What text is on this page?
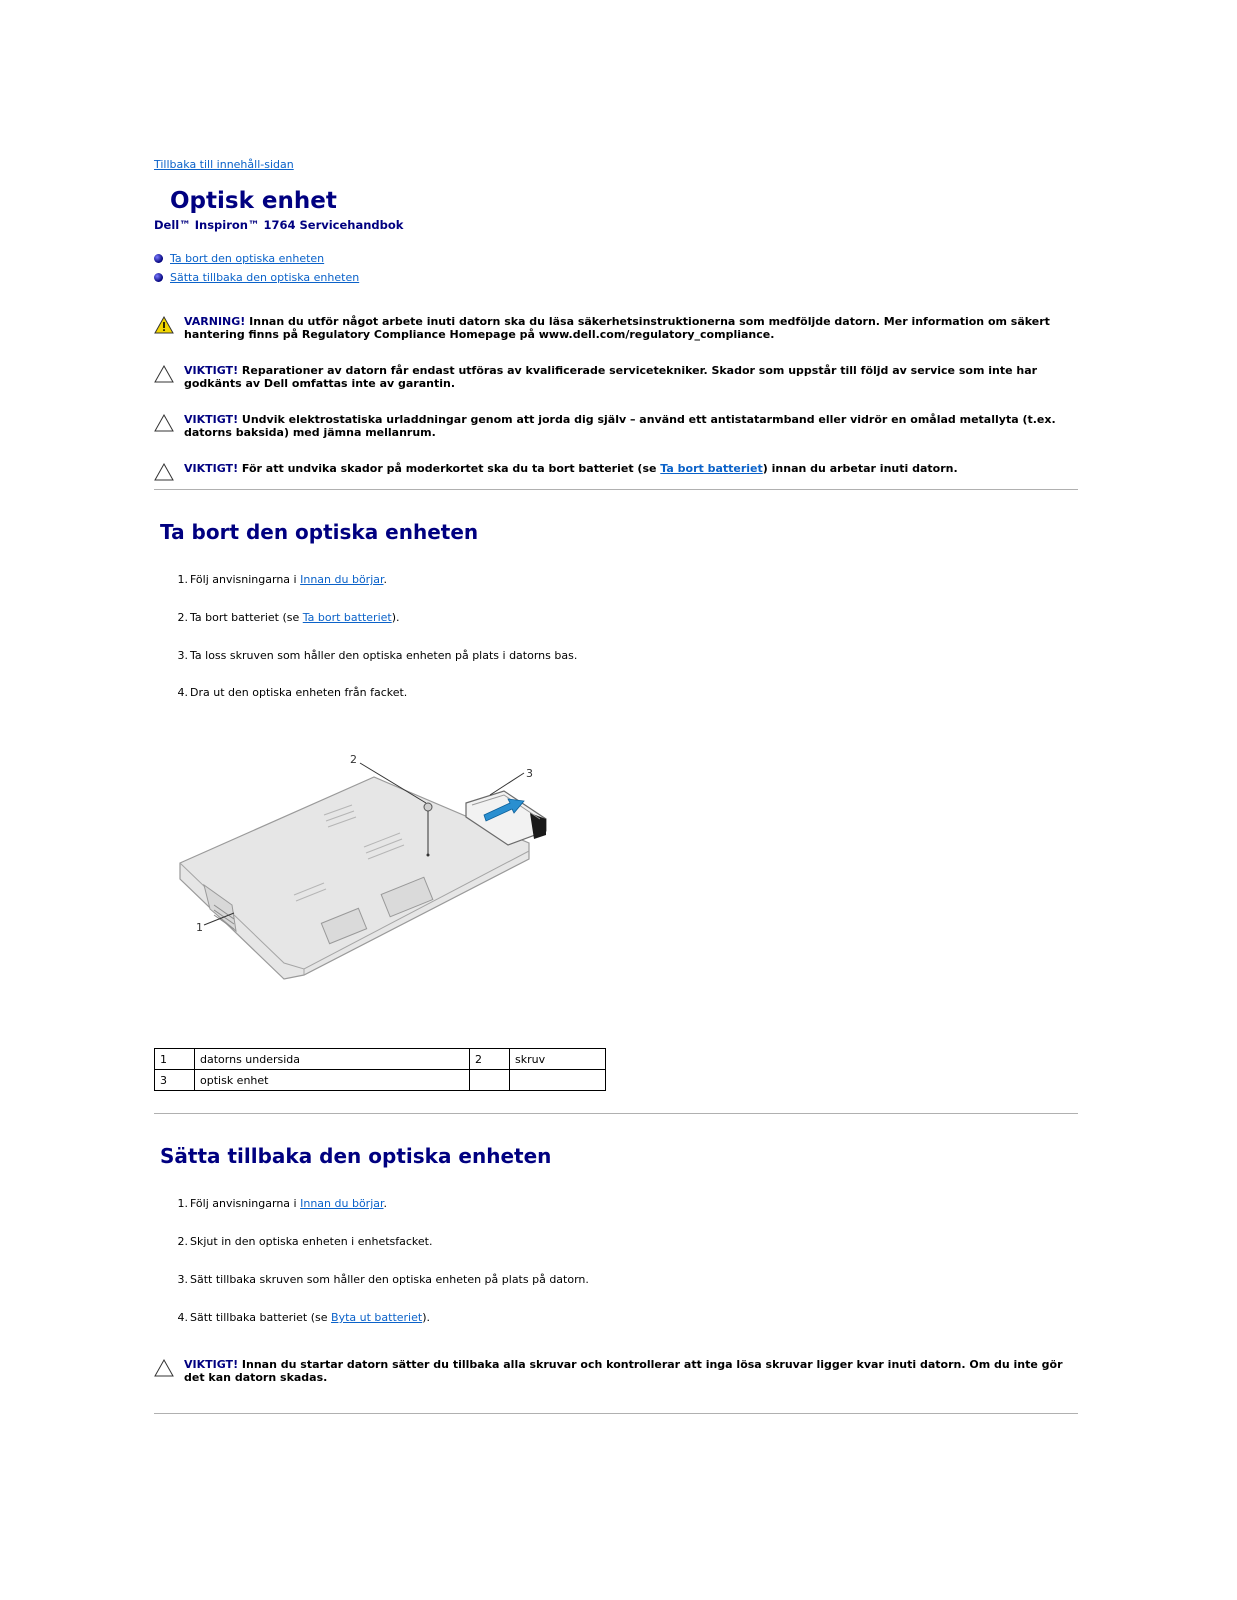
Tillbaka till innehåll-sidan
Optisk enhet
Dell™ Inspiron™ 1764 Servicehandbok
Ta bort den optiska enheten
Sätta tillbaka den optiska enheten
VARNING! Innan du utför något arbete inuti datorn ska du läsa säkerhetsinstruktionerna som medföljde datorn. Mer information om säkert hantering finns på Regulatory Compliance Homepage på www.dell.com/regulatory_compliance.
VIKTIGT! Reparationer av datorn får endast utföras av kvalificerade servicetekniker. Skador som uppstår till följd av service som inte har godkänts av Dell omfattas inte av garantin.
VIKTIGT! Undvik elektrostatiska urladdningar genom att jorda dig själv – använd ett antistatarmband eller vidrör en omålad metallyta (t.ex. datorns baksida) med jämna mellanrum.
VIKTIGT! För att undvika skador på moderkortet ska du ta bort batteriet (se Ta bort batteriet) innan du arbetar inuti datorn.
Ta bort den optiska enheten
1. Följ anvisningarna i Innan du börjar.
2. Ta bort batteriet (se Ta bort batteriet).
3. Ta loss skruven som håller den optiska enheten på plats i datorns bas.
4. Dra ut den optiska enheten från facket.
2
3
1
1	datorns undersida	2	skruv
3	optisk enhet		
Sätta tillbaka den optiska enheten
1. Följ anvisningarna i Innan du börjar.
2. Skjut in den optiska enheten i enhetsfacket.
3. Sätt tillbaka skruven som håller den optiska enheten på plats på datorn.
4. Sätt tillbaka batteriet (se Byta ut batteriet).
VIKTIGT! Innan du startar datorn sätter du tillbaka alla skruvar och kontrollerar att inga lösa skruvar ligger kvar inuti datorn. Om du inte gör det kan datorn skadas.
